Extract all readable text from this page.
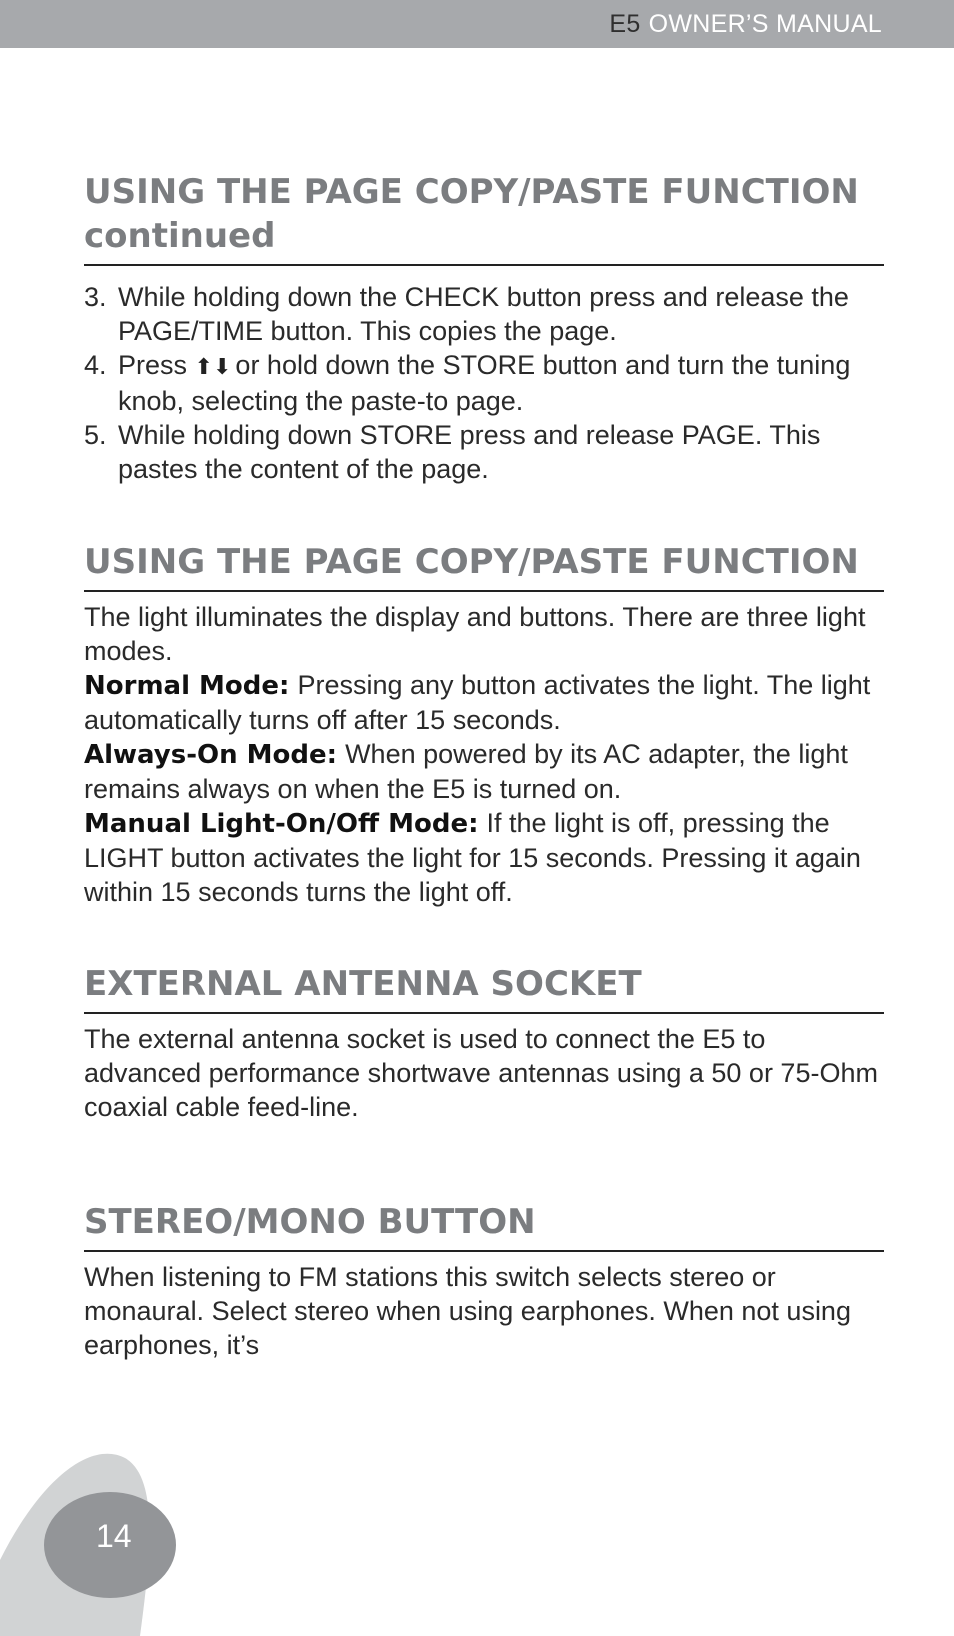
E5 OWNER’S MANUAL
USING THE PAGE COPY/PASTE FUNCTION
continued
3. While holding down the CHECK button press and release the PAGE/TIME button. This copies the page.
4. Press ⬆⬇ or hold down the STORE button and turn the tuning knob, selecting the paste-to page.
5. While holding down STORE press and release PAGE. This pastes the content of the page.
USING THE PAGE COPY/PASTE FUNCTION

The light illuminates the display and buttons. There are three light modes.

Normal Mode: Pressing any button activates the light. The light automatically turns off after 15 seconds.

Always-On Mode: When powered by its AC adapter, the light remains always on when the E5 is turned on.

Manual Light-On/Off Mode: If the light is off, pressing the LIGHT button activates the light for 15 seconds. Pressing it again within 15 seconds turns the light off.

EXTERNAL ANTENNA SOCKET

The external antenna socket is used to connect the E5 to advanced performance shortwave antennas using a 50 or 75-Ohm coaxial cable feed-line.

STEREO/MONO BUTTON

When listening to FM stations this switch selects stereo or monaural. Select stereo when using earphones. When not using earphones, it’s

14
